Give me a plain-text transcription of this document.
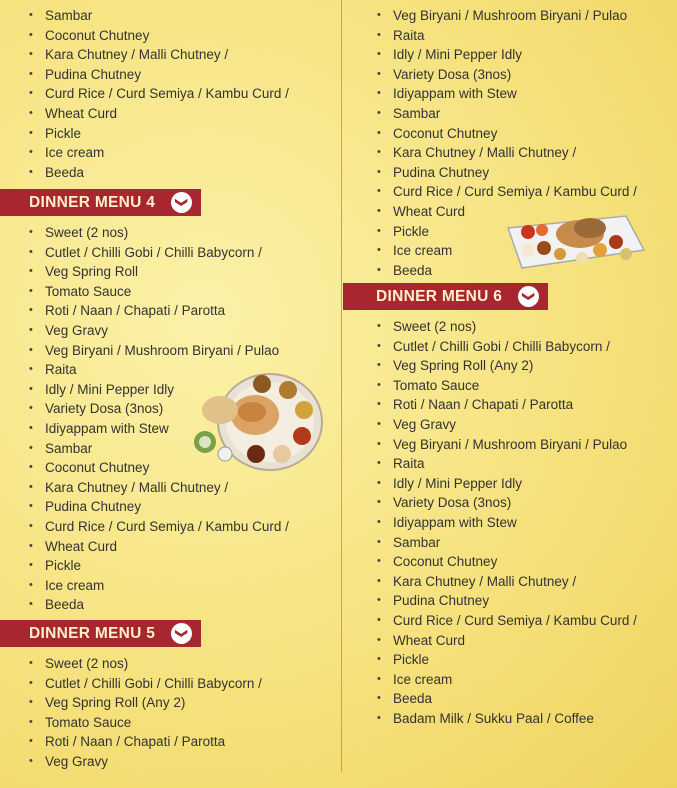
• Sambar
• Coconut Chutney
• Kara Chutney / Malli Chutney /
• Pudina Chutney
• Curd Rice / Curd Semiya / Kambu Curd /
• Wheat Curd
• Pickle
• Ice cream
• Beeda
DINNER MENU 4	❯
• Sweet (2 nos)
• Cutlet / Chilli Gobi / Chilli Babycorn /
• Veg Spring Roll
• Tomato Sauce
• Roti / Naan / Chapati / Parotta
• Veg Gravy
• Veg Biryani / Mushroom Biryani / Pulao
• Raita
• Idly / Mini Pepper Idly
• Variety Dosa (3nos)
• Idiyappam with Stew
• Sambar
• Coconut Chutney
• Kara Chutney / Malli Chutney /
• Pudina Chutney
• Curd Rice / Curd Semiya / Kambu Curd /
• Wheat Curd
• Pickle
• Ice cream
• Beeda
DINNER MENU 5	❯
• Sweet (2 nos)
• Cutlet / Chilli Gobi / Chilli Babycorn /
• Veg Spring Roll (Any 2)
• Tomato Sauce
• Roti / Naan / Chapati / Parotta
• Veg Gravy
• Veg Biryani / Mushroom Biryani / Pulao
• Raita
• Idly / Mini Pepper Idly
• Variety Dosa (3nos)
• Idiyappam with Stew
• Sambar
• Coconut Chutney
• Kara Chutney / Malli Chutney /
• Pudina Chutney
• Curd Rice / Curd Semiya / Kambu Curd /
• Wheat Curd
• Pickle
• Ice cream
• Beeda
DINNER MENU 6	❯
• Sweet (2 nos)
• Cutlet / Chilli Gobi / Chilli Babycorn /
• Veg Spring Roll (Any 2)
• Tomato Sauce
• Roti / Naan / Chapati / Parotta
• Veg Gravy
• Veg Biryani / Mushroom Biryani / Pulao
• Raita
• Idly / Mini Pepper Idly
• Variety Dosa (3nos)
• Idiyappam with Stew
• Sambar
• Coconut Chutney
• Kara Chutney / Malli Chutney /
• Pudina Chutney
• Curd Rice / Curd Semiya / Kambu Curd /
• Wheat Curd
• Pickle
• Ice cream
• Beeda
• Badam Milk / Sukku Paal / Coffee
